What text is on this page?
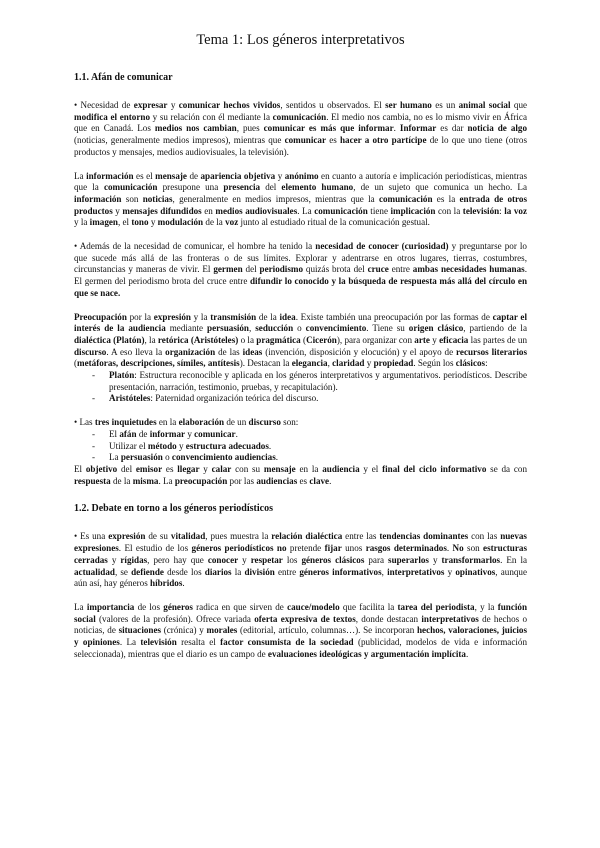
Tema 1: Los géneros interpretativos
1.1. Afán de comunicar
• Necesidad de expresar y comunicar hechos vividos, sentidos u observados. El ser humano es un animal social que modifica el entorno y su relación con él mediante la comunicación. El medio nos cambia, no es lo mismo vivir en África que en Canadá. Los medios nos cambian, pues comunicar es más que informar. Informar es dar noticia de algo (noticias, generalmente medios impresos), mientras que comunicar es hacer a otro partícipe de lo que uno tiene (otros productos y mensajes, medios audiovisuales, la televisión).
La información es el mensaje de apariencia objetiva y anónimo en cuanto a autoría e implicación periodísticas, mientras que la comunicación presupone una presencia del elemento humano, de un sujeto que comunica un hecho. La información son noticias, generalmente en medios impresos, mientras que la comunicación es la entrada de otros productos y mensajes difundidos en medios audiovisuales. La comunicación tiene implicación con la televisión: la voz y la imagen, el tono y modulación de la voz junto al estudiado ritual de la comunicación gestual.
• Además de la necesidad de comunicar, el hombre ha tenido la necesidad de conocer (curiosidad) y preguntarse por lo que sucede más allá de las fronteras o de sus límites. Explorar y adentrarse en otros lugares, tierras, costumbres, circunstancias y maneras de vivir. El germen del periodismo quizás brota del cruce entre ambas necesidades humanas. El germen del periodismo brota del cruce entre difundir lo conocido y la búsqueda de respuesta más allá del círculo en que se nace.
Preocupación por la expresión y la transmisión de la idea. Existe también una preocupación por las formas de captar el interés de la audiencia mediante persuasión, seducción o convencimiento. Tiene su origen clásico, partiendo de la dialéctica (Platón), la retórica (Aristóteles) o la pragmática (Cicerón), para organizar con arte y eficacia las partes de un discurso. A eso lleva la organización de las ideas (invención, disposición y elocución) y el apoyo de recursos literarios (metáforas, descripciones, símiles, antítesis). Destacan la elegancia, claridad y propiedad. Según los clásicos:
- Platón: Estructura reconocible y aplicada en los géneros interpretativos y argumentativos. periodísticos. Describe presentación, narración, testimonio, pruebas, y recapitulación).
- Aristóteles: Paternidad organización teórica del discurso.
• Las tres inquietudes en la elaboración de un discurso son:
- El afán de informar y comunicar.
- Utilizar el método y estructura adecuados.
- La persuasión o convencimiento audiencias.
El objetivo del emisor es llegar y calar con su mensaje en la audiencia y el final del ciclo informativo se da con respuesta de la misma. La preocupación por las audiencias es clave.
1.2. Debate en torno a los géneros periodísticos
• Es una expresión de su vitalidad, pues muestra la relación dialéctica entre las tendencias dominantes con las nuevas expresiones. El estudio de los géneros periodísticos no pretende fijar unos rasgos determinados. No son estructuras cerradas y rígidas, pero hay que conocer y respetar los géneros clásicos para superarlos y transformarlos. En la actualidad, se defiende desde los diarios la división entre géneros informativos, interpretativos y opinativos, aunque aún así, hay géneros híbridos.
La importancia de los géneros radica en que sirven de cauce/modelo que facilita la tarea del periodista, y la función social (valores de la profesión). Ofrece variada oferta expresiva de textos, donde destacan interpretativos de hechos o noticias, de situaciones (crónica) y morales (editorial, artículo, columnas…). Se incorporan hechos, valoraciones, juicios y opiniones. La televisión resalta el factor consumista de la sociedad (publicidad, modelos de vida e información seleccionada), mientras que el diario es un campo de evaluaciones ideológicas y argumentación implícita.
